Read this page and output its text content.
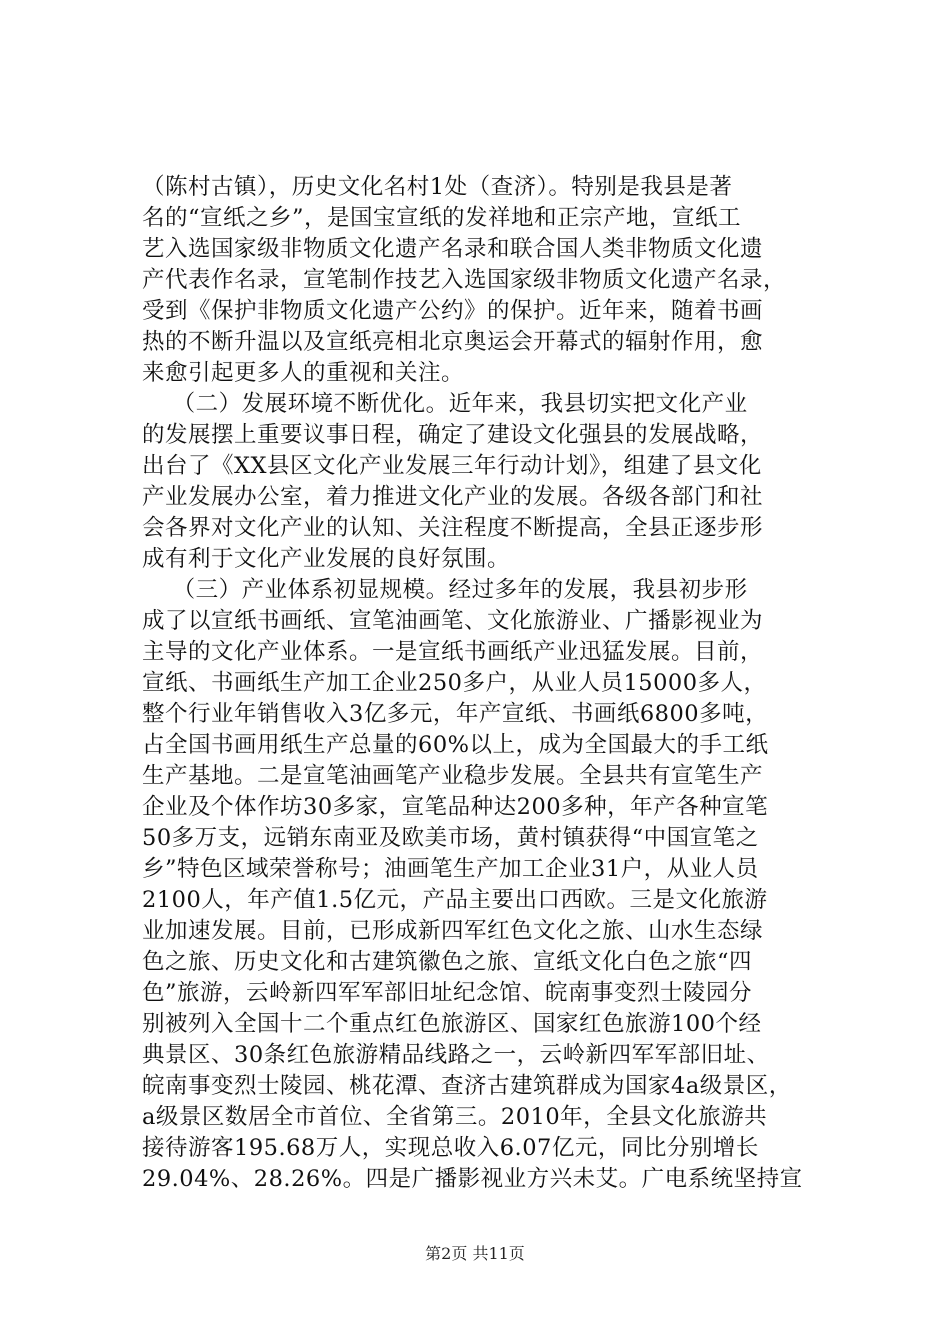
（陈村古镇），历史文化名村1处（查济）。特别是我县是著
名的“宣纸之乡”，是国宝宣纸的发祥地和正宗产地，宣纸工
艺入选国家级非物质文化遗产名录和联合国人类非物质文化遗
产代表作名录，宣笔制作技艺入选国家级非物质文化遗产名录，
受到《保护非物质文化遗产公约》的保护。近年来，随着书画
热的不断升温以及宣纸亮相北京奥运会开幕式的辐射作用，愈
来愈引起更多人的重视和关注。
（二）发展环境不断优化。近年来，我县切实把文化产业
的发展摆上重要议事日程，确定了建设文化强县的发展战略，
出台了《XX县区文化产业发展三年行动计划》，组建了县文化
产业发展办公室，着力推进文化产业的发展。各级各部门和社
会各界对文化产业的认知、关注程度不断提高，全县正逐步形
成有利于文化产业发展的良好氛围。
（三）产业体系初显规模。经过多年的发展，我县初步形
成了以宣纸书画纸、宣笔油画笔、文化旅游业、广播影视业为
主导的文化产业体系。一是宣纸书画纸产业迅猛发展。目前，
宣纸、书画纸生产加工企业250多户，从业人员15000多人，
整个行业年销售收入3亿多元，年产宣纸、书画纸6800多吨，
占全国书画用纸生产总量的60%以上，成为全国最大的手工纸
生产基地。二是宣笔油画笔产业稳步发展。全县共有宣笔生产
企业及个体作坊30多家，宣笔品种达200多种，年产各种宣笔
50多万支，远销东南亚及欧美市场，黄村镇获得“中国宣笔之
乡”特色区域荣誉称号；油画笔生产加工企业31户，从业人员
2100人，年产值1.5亿元，产品主要出口西欧。三是文化旅游
业加速发展。目前，已形成新四军红色文化之旅、山水生态绿
色之旅、历史文化和古建筑徽色之旅、宣纸文化白色之旅“四
色”旅游，云岭新四军军部旧址纪念馆、皖南事变烈士陵园分
别被列入全国十二个重点红色旅游区、国家红色旅游100个经
典景区、30条红色旅游精品线路之一，云岭新四军军部旧址、
皖南事变烈士陵园、桃花潭、查济古建筑群成为国家4a级景区，
a级景区数居全市首位、全省第三。2010年，全县文化旅游共
接待游客195.68万人，实现总收入6.07亿元，同比分别增长
29.04%、28.26%。四是广播影视业方兴未艾。广电系统坚持宣
第2页 共11页
